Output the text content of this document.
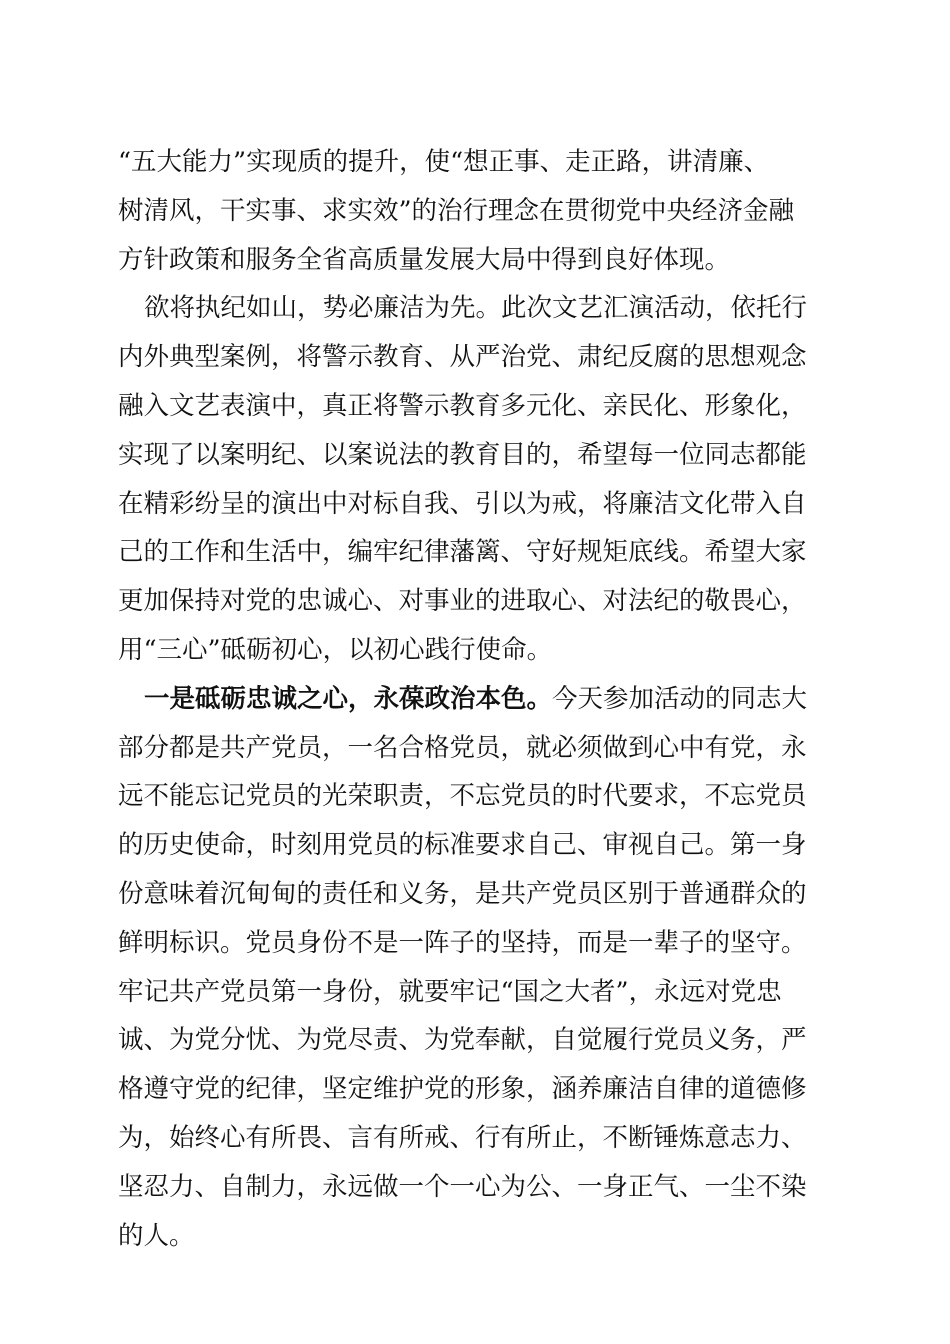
“五大能力”实现质的提升，使“想正事、走正路，讲清廉、
树清风，干实事、求实效”的治行理念在贯彻党中央经济金融
方针政策和服务全省高质量发展大局中得到良好体现。
欲将执纪如山，势必廉洁为先。此次文艺汇演活动，依托行
内外典型案例，将警示教育、从严治党、肃纪反腐的思想观念
融入文艺表演中，真正将警示教育多元化、亲民化、形象化，
实现了以案明纪、以案说法的教育目的，希望每一位同志都能
在精彩纷呈的演出中对标自我、引以为戒，将廉洁文化带入自
己的工作和生活中，编牢纪律藩篱、守好规矩底线。希望大家
更加保持对党的忠诚心、对事业的进取心、对法纪的敬畏心，
用“三心”砥砺初心，以初心践行使命。
一是砥砺忠诚之心，永葆政治本色。今天参加活动的同志大
部分都是共产党员，一名合格党员，就必须做到心中有党，永
远不能忘记党员的光荣职责，不忘党员的时代要求，不忘党员
的历史使命，时刻用党员的标准要求自己、审视自己。第一身
份意味着沉甸甸的责任和义务，是共产党员区别于普通群众的
鲜明标识。党员身份不是一阵子的坚持，而是一辈子的坚守。
牢记共产党员第一身份，就要牢记“国之大者”，永远对党忠
诚、为党分忧、为党尽责、为党奉献，自觉履行党员义务，严
格遵守党的纪律，坚定维护党的形象，涵养廉洁自律的道德修
为，始终心有所畏、言有所戒、行有所止，不断锤炼意志力、
坚忍力、自制力，永远做一个一心为公、一身正气、一尘不染
的人。
